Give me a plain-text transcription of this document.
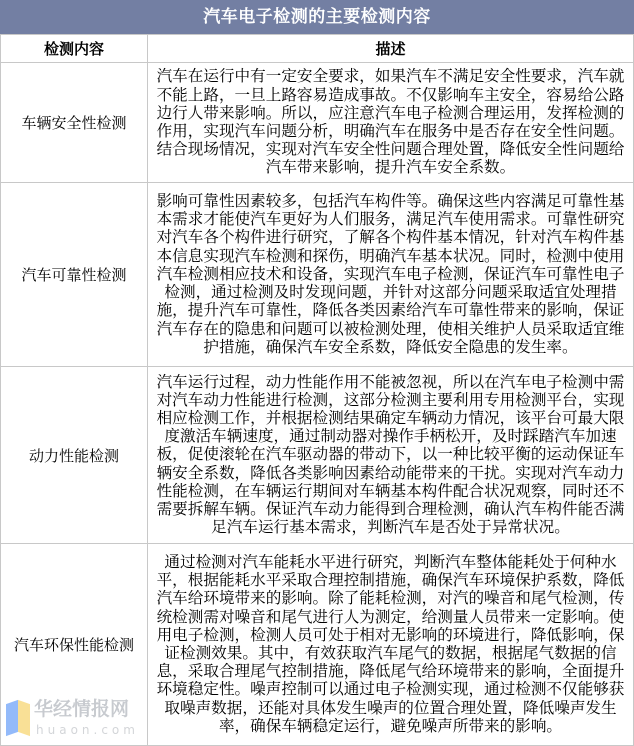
汽车电子检测的主要检测内容
检测内容	描述
车辆安全性检测	汽车在运行中有一定安全要求，如果汽车不满足安全性要求，汽车就不能上路，一旦上路容易造成事故。不仅影响车主安全，容易给公路边行人带来影响。所以，应注意汽车电子检测合理运用，发挥检测的作用，实现汽车问题分析，明确汽车在服务中是否存在安全性问题。结合现场情况，实现对汽车安全性问题合理处置，降低安全性问题给汽车带来影响，提升汽车安全系数。
汽车可靠性检测	影响可靠性因素较多，包括汽车构件等。确保这些内容满足可靠性基本需求才能使汽车更好为人们服务，满足汽车使用需求。可靠性研究对汽车各个构件进行研究，了解各个构件基本情况，针对汽车构件基本信息实现汽车检测和探伤，明确汽车基本状况。同时，检测中使用汽车检测相应技术和设备，实现汽车电子检测，保证汽车可靠性电子检测，通过检测及时发现问题，并针对这部分问题采取适宜处理措施，提升汽车可靠性，降低各类因素给汽车可靠性带来的影响，保证汽车存在的隐患和问题可以被检测处理，使相关维护人员采取适宜维护措施，确保汽车安全系数，降低安全隐患的发生率。
动力性能检测	汽车运行过程，动力性能作用不能被忽视，所以在汽车电子检测中需对汽车动力性能进行检测，这部分检测主要利用专用检测平台，实现相应检测工作，并根据检测结果确定车辆动力情况，该平台可最大限度激活车辆速度，通过制动器对操作手柄松开，及时踩踏汽车加速板，促使滚轮在汽车驱动器的带动下，以一种比较平衡的运动保证车辆安全系数，降低各类影响因素给动能带来的干扰。实现对汽车动力性能检测，在车辆运行期间对车辆基本构件配合状况观察，同时还不需要拆解车辆。保证汽车动力能得到合理检测，确认汽车构件能否满足汽车运行基本需求，判断汽车是否处于异常状况。
汽车环保性能检测	通过检测对汽车能耗水平进行研究，判断汽车整体能耗处于何种水平，根据能耗水平采取合理控制措施，确保汽车环境保护系数，降低汽车给环境带来的影响。除了能耗检测，对汽的噪音和尾气检测，传统检测需对噪音和尾气进行人为测定，给测量人员带来一定影响。使用电子检测，检测人员可处于相对无影响的环境进行，降低影响，保证检测效果。其中，有效获取汽车尾气的数据，根据尾气数据的信息，采取合理尾气控制措施，降低尾气给环境带来的影响，全面提升环境稳定性。噪声控制可以通过电子检测实现，通过检测不仅能够获取噪声数据，还能对具体发生噪声的位置合理处置，降低噪声发生率，确保车辆稳定运行，避免噪声所带来的影响。
华经情报网
huaon.com
